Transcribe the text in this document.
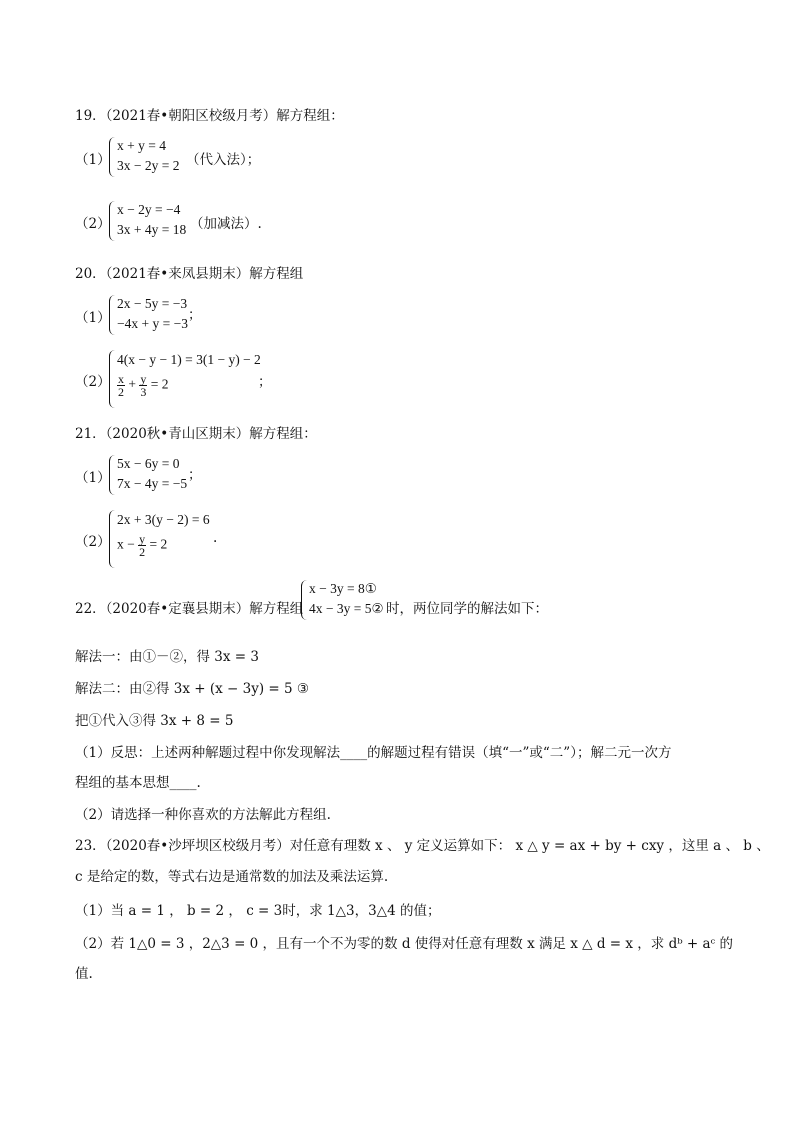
19．（2021春•朝阳区校级月考）解方程组：
（1）
x + y = 4
3x − 2y = 2 （代入法）；
（2）
x − 2y = −4
3x + 4y = 18 （加减法）.
20．（2021春•来凤县期末）解方程组
（1）
2x − 5y = −3
−4x + y = −3
；
（2）
4(x − y − 1) = 3(1 − y) − 2
$\frac{x}{2} + \frac{y}{3} = 2$	；
21．（2020秋•青山区期末）解方程组：
（1）
5x − 6y = 0
7x − 4y = −5
；
（2）
2x + 3(y − 2) = 6
$x - \frac{y}{2} = 2$	.
22．（2020春•定襄县期末）解方程组
x − 3y = 8①
4x − 3y = 5② 时，两位同学的解法如下：
解法一：由①－②，得 3x = 3
解法二：由②得 3x + (x − 3y) = 5 ③
把①代入③得 3x + 8 = 5
（1）反思：上述两种解题过程中你发现解法____的解题过程有错误（填“一”或“二”）；解二元一次方
程组的基本思想____.
（2）请选择一种你喜欢的方法解此方程组.
23．（2020春•沙坪坝区校级月考）对任意有理数 x 、 y 定义运算如下： x △ y = ax + by + cxy ，这里 a 、 b 、
c 是给定的数，等式右边是通常数的加法及乘法运算.
（1）当 a = 1 ， b = 2 ， c = 3时，求 1△3，3△4 的值；
（2）若 1△0 = 3 ，2△3 = 0 ，且有一个不为零的数 d 使得对任意有理数 x 满足 x △ d = x ，求 dᵇ + aᶜ 的
值.
